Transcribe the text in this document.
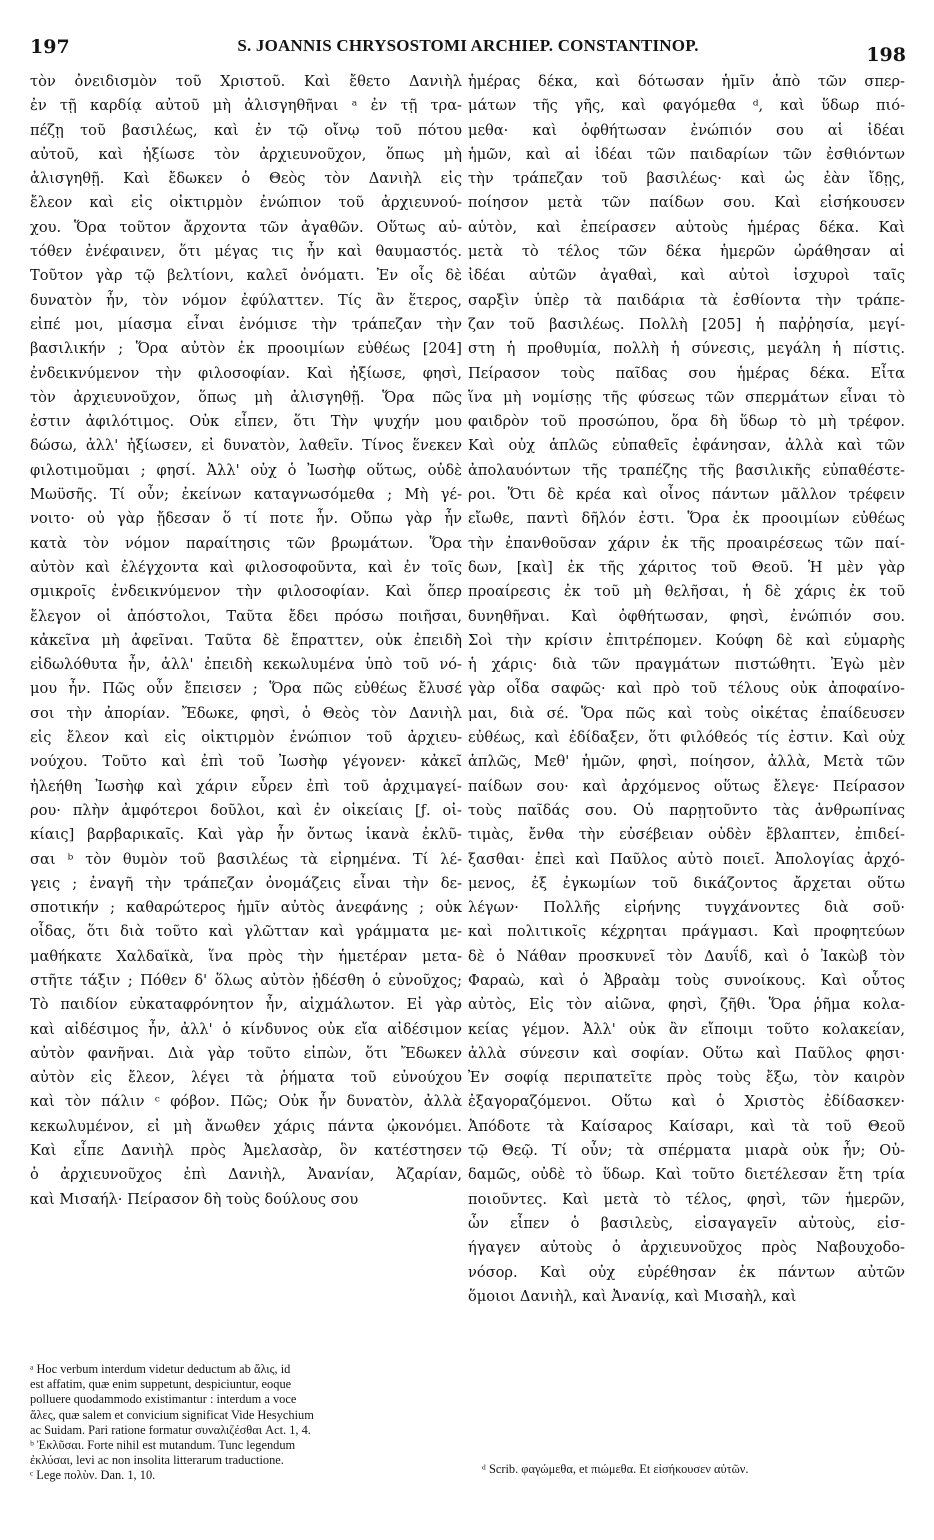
197	S. JOANNIS CHRYSOSTOMI ARCHIEP. CONSTANTINOP.	198
τὸν ὀνειδισμὸν τοῦ Χριστοῦ. Καὶ ἔθετο Δανιὴλ
ἐν τῇ καρδίᾳ αὐτοῦ μὴ ἀλισγηθῆναι ᵃ ἐν τῇ τρα-
πέζῃ τοῦ βασιλέως, καὶ ἐν τῷ οἴνῳ τοῦ πότου
αὐτοῦ, καὶ ἠξίωσε τὸν ἀρχιευνοῦχον, ὅπως μὴ
ἀλισγηθῇ. Καὶ ἔδωκεν ὁ Θεὸς τὸν Δανιὴλ εἰς
ἔλεον καὶ εἰς οἰκτιρμὸν ἐνώπιον τοῦ ἀρχιευνού-
χου. Ὅρα τοῦτον ἄρχοντα τῶν ἀγαθῶν. Οὕτως αὐ-
τόθεν ἐνέφαινεν, ὅτι μέγας τις ἦν καὶ θαυμαστός.
Τοῦτον γὰρ τῷ βελτίονι, καλεῖ ὀνόματι. Ἐν οἷς δὲ
δυνατὸν ἦν, τὸν νόμον ἐφύλαττεν. Τίς ἂν ἕτερος,
εἰπέ μοι, μίασμα εἶναι ἐνόμισε τὴν τράπεζαν τὴν
βασιλικήν ; Ὅρα αὐτὸν ἐκ προοιμίων εὐθέως [204]
ἐνδεικνύμενον τὴν φιλοσοφίαν. Καὶ ἠξίωσε, φησὶ,
τὸν ἀρχιευνοῦχον, ὅπως μὴ ἀλισγηθῇ. Ὅρα πῶς
ἐστιν ἀφιλότιμος. Οὐκ εἶπεν, ὅτι Τὴν ψυχήν μου
δώσω, ἀλλ' ἠξίωσεν, εἰ δυνατὸν, λαθεῖν. Τίνος ἕνεκεν
φιλοτιμοῦμαι ; φησί. Ἀλλ' οὐχ ὁ Ἰωσὴφ οὕτως, οὐδὲ
Μωϋσῆς. Τί οὖν; ἐκείνων καταγνωσόμεθα ; Μὴ γέ-
νοιτο· οὐ γὰρ ᾔδεσαν ὅ τί ποτε ἦν. Οὔπω γὰρ ἦν
κατὰ τὸν νόμον παραίτησις τῶν βρωμάτων. Ὅρα
αὐτὸν καὶ ἐλέγχοντα καὶ φιλοσοφοῦντα, καὶ ἐν τοῖς
σμικροῖς ἐνδεικνύμενον τὴν φιλοσοφίαν. Καὶ ὅπερ
ἔλεγον οἱ ἀπόστολοι, Ταῦτα ἔδει πρόσω ποιῆσαι,
κἀκεῖνα μὴ ἀφεῖναι. Ταῦτα δὲ ἔπραττεν, οὐκ ἐπειδὴ
εἰδωλόθυτα ἦν, ἀλλ' ἐπειδὴ κεκωλυμένα ὑπὸ τοῦ νό-
μου ἦν. Πῶς οὖν ἔπεισεν ; Ὅρα πῶς εὐθέως ἔλυσέ
σοι τὴν ἀπορίαν. Ἔδωκε, φησὶ, ὁ Θεὸς τὸν Δανιὴλ
εἰς ἔλεον καὶ εἰς οἰκτιρμὸν ἐνώπιον τοῦ ἀρχιευ-
νούχου. Τοῦτο καὶ ἐπὶ τοῦ Ἰωσὴφ γέγονεν· κἀκεῖ
ἠλεήθη Ἰωσὴφ καὶ χάριν εὗρεν ἐπὶ τοῦ ἀρχιμαγεί-
ρου· πλὴν ἀμφότεροι δοῦλοι, καὶ ἐν οἰκείαις [ƒ. οἰ-
κίαις] βαρβαρικαῖς. Καὶ γὰρ ἦν ὄντως ἱκανὰ ἐκλῦ-
σαι ᵇ τὸν θυμὸν τοῦ βασιλέως τὰ εἰρημένα. Τί λέ-
γεις ; ἐναγῆ τὴν τράπεζαν ὀνομάζεις εἶναι τὴν δε-
σποτικήν ; καθαρώτερος ἡμῖν αὐτὸς ἀνεφάνης ; οὐκ
οἶδας, ὅτι διὰ τοῦτο καὶ γλῶτταν καὶ γράμματα με-
μαθήκατε Χαλδαϊκὰ, ἵνα πρὸς τὴν ἡμετέραν μετα-
στῆτε τάξιν ; Πόθεν δ' ὅλως αὐτὸν ᾐδέσθη ὁ εὐνοῦχος;
Τὸ παιδίον εὐκαταφρόνητον ἦν, αἰχμάλωτον. Εἰ γὰρ
καὶ αἰδέσιμος ἦν, ἀλλ' ὁ κίνδυνος οὐκ εἴα αἰδέσιμον
αὐτὸν φανῆναι. Διὰ γὰρ τοῦτο εἰπὼν, ὅτι Ἔδωκεν
αὐτὸν εἰς ἔλεον, λέγει τὰ ῥήματα τοῦ εὐνούχου
καὶ τὸν πάλιν ᶜ φόβον. Πῶς; Οὐκ ἦν δυνατὸν, ἀλλὰ
κεκωλυμένον, εἰ μὴ ἄνωθεν χάρις πάντα ᾠκονόμει.
Καὶ εἶπε Δανιὴλ πρὸς Ἀμελασὰρ, ὃν κατέστησεν
ὁ ἀρχιευνοῦχος ἐπὶ Δανιὴλ, Ἀνανίαν, Ἀζαρίαν,
καὶ Μισαήλ· Πείρασον δὴ τοὺς δούλους σου
ἡμέρας δέκα, καὶ δότωσαν ἡμῖν ἀπὸ τῶν σπερ-
μάτων τῆς γῆς, καὶ φαγόμεθα ᵈ, καὶ ὕδωρ πιό-
μεθα· καὶ ὀφθήτωσαν ἐνώπιόν σου αἱ ἰδέαι
ἡμῶν, καὶ αἱ ἰδέαι τῶν παιδαρίων τῶν ἐσθιόντων
τὴν τράπεζαν τοῦ βασιλέως· καὶ ὡς ἐὰν ἴδῃς,
ποίησον μετὰ τῶν παίδων σου. Καὶ εἰσήκουσεν
αὐτὸν, καὶ ἐπείρασεν αὐτοὺς ἡμέρας δέκα. Καὶ
μετὰ τὸ τέλος τῶν δέκα ἡμερῶν ὠράθησαν αἱ
ἰδέαι αὐτῶν ἀγαθαὶ, καὶ αὐτοὶ ἰσχυροὶ ταῖς
σαρξὶν ὑπὲρ τὰ παιδάρια τὰ ἐσθίοντα τὴν τράπε-
ζαν τοῦ βασιλέως. Πολλὴ [205] ἡ παῤῥησία, μεγί-
στη ἡ προθυμία, πολλὴ ἡ σύνεσις, μεγάλη ἡ πίστις.
Πείρασον τοὺς παῖδας σου ἡμέρας δέκα. Εἶτα
ἵνα μὴ νομίσῃς τῆς φύσεως τῶν σπερμάτων εἶναι τὸ
φαιδρὸν τοῦ προσώπου, ὅρα δὴ ὕδωρ τὸ μὴ τρέφον.
Καὶ οὐχ ἁπλῶς εὐπαθεῖς ἐφάνησαν, ἀλλὰ καὶ τῶν
ἀπολαυόντων τῆς τραπέζης τῆς βασιλικῆς εὐπαθέστε-
ροι. Ὅτι δὲ κρέα καὶ οἶνος πάντων μᾶλλον τρέφειν
εἴωθε, παντὶ δῆλόν ἐστι. Ὅρα ἐκ προοιμίων εὐθέως
τὴν ἐπανθοῦσαν χάριν ἐκ τῆς προαιρέσεως τῶν παί-
δων, [καὶ] ἐκ τῆς χάριτος τοῦ Θεοῦ. Ἡ μὲν γὰρ
προαίρεσις ἐκ τοῦ μὴ θελῆσαι, ἡ δὲ χάρις ἐκ τοῦ
δυνηθῆναι. Καὶ ὀφθήτωσαν, φησὶ, ἐνώπιόν σου.
Σοὶ τὴν κρίσιν ἐπιτρέπομεν. Κούφη δὲ καὶ εὐμαρὴς
ἡ χάρις· διὰ τῶν πραγμάτων πιστώθητι. Ἐγὼ μὲν
γὰρ οἶδα σαφῶς· καὶ πρὸ τοῦ τέλους οὐκ ἀποφαίνο-
μαι, διὰ σέ. Ὅρα πῶς καὶ τοὺς οἰκέτας ἐπαίδευσεν
εὐθέως, καὶ ἐδίδαξεν, ὅτι φιλόθεός τίς ἐστιν. Καὶ οὐχ
ἁπλῶς, Μεθ' ἡμῶν, φησὶ, ποίησον, ἀλλὰ, Μετὰ τῶν
παίδων σου· καὶ ἀρχόμενος οὕτως ἔλεγε· Πείρασον
τοὺς παῖδάς σου. Οὐ παρῃτοῦντο τὰς ἀνθρωπίνας
τιμὰς, ἔνθα τὴν εὐσέβειαν οὐδὲν ἔβλαπτεν, ἐπιδεί-
ξασθαι· ἐπεὶ καὶ Παῦλος αὐτὸ ποιεῖ. Ἀπολογίας ἀρχό-
μενος, ἐξ ἐγκωμίων τοῦ δικάζοντος ἄρχεται οὕτω
λέγων· Πολλῆς εἰρήνης τυγχάνοντες διὰ σοῦ·
καὶ πολιτικοῖς κέχρηται πράγμασι. Καὶ προφητεύων
δὲ ὁ Νάθαν προσκυνεῖ τὸν Δαυΐδ, καὶ ὁ Ἰακὼβ τὸν
Φαραὼ, καὶ ὁ Ἀβραὰμ τοὺς συνοίκους. Καὶ οὗτος
αὐτὸς, Εἰς τὸν αἰῶνα, φησὶ, ζῆθι. Ὅρα ῥῆμα κολα-
κείας γέμον. Ἀλλ' οὐκ ἂν εἴποιμι τοῦτο κολακείαν,
ἀλλὰ σύνεσιν καὶ σοφίαν. Οὕτω καὶ Παῦλος φησι·
Ἐν σοφίᾳ περιπατεῖτε πρὸς τοὺς ἔξω, τὸν καιρὸν
ἐξαγοραζόμενοι. Οὕτω καὶ ὁ Χριστὸς ἐδίδασκεν·
Ἀπόδοτε τὰ Καίσαρος Καίσαρι, καὶ τὰ τοῦ Θεοῦ
τῷ Θεῷ. Τί οὖν; τὰ σπέρματα μιαρὰ οὐκ ἦν; Οὐ-
δαμῶς, οὐδὲ τὸ ὕδωρ. Καὶ τοῦτο διετέλεσαν ἔτη τρία
ποιοῦντες. Καὶ μετὰ τὸ τέλος, φησὶ, τῶν ἡμερῶν,
ὧν εἶπεν ὁ βασιλεὺς, εἰσαγαγεῖν αὐτοὺς, εἰσ-
ήγαγεν αὐτοὺς ὁ ἀρχιευνοῦχος πρὸς Ναβουχοδο-
νόσορ. Καὶ οὐχ εὑρέθησαν ἐκ πάντων αὐτῶν
ὅμοιοι Δανιὴλ, καὶ Ἀνανίᾳ, καὶ Μισαὴλ, καὶ
ᵃ Hoc verbum interdum videtur deductum ab ἅλις, id
est affatim, quæ enim suppetunt, despiciuntur, eoque
polluere quodammodo existimantur : interdum a voce
ἅλες, quæ salem et convicium significat Vide Hesychium
ac Suidam. Pari ratione formatur συναλιζέσθαι Act. 1, 4.
ᵇ Ἐκλῦσαι. Forte nihil est mutandum. Tunc legendum
ἐκλύσαι, levi ac non insolita litterarum traductione.
ᶜ Lege πολὺν. Dan. 1, 10.	ᵈ Scrib. φαγώμεθα, et πιώμεθα. Et εἰσήκουσεν αὐτῶν.
